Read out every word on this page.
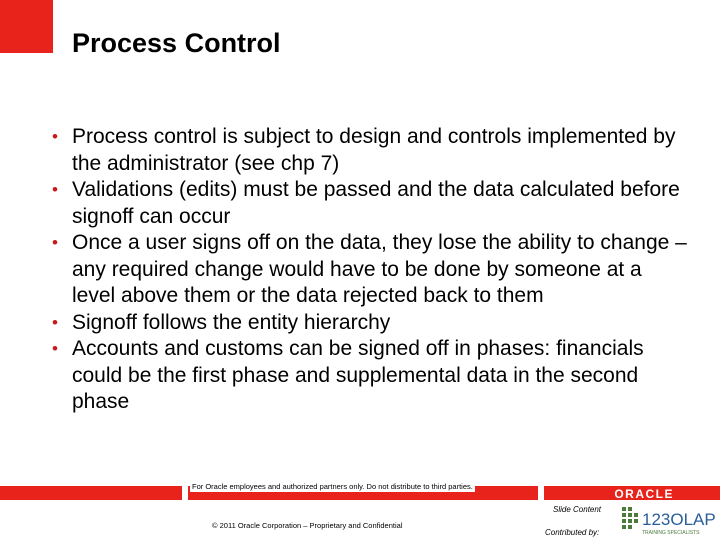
Process Control
• Process control is subject to design and controls implemented by the administrator (see chp 7)
• Validations (edits) must be passed and the data calculated before signoff can occur
• Once a user signs off on the data, they lose the ability to change – any required change would have to be done by someone at a level above them or the data rejected back to them
• Signoff follows the entity hierarchy
• Accounts and customs can be signed off in phases: financials could be the first phase and supplemental data in the second phase
ORACLE
For Oracle employees and authorized partners only. Do not distribute to third parties.
© 2011 Oracle Corporation – Proprietary and Confidential
Slide Content
Contributed by:
123OLAP
TRAINING SPECIALISTS
